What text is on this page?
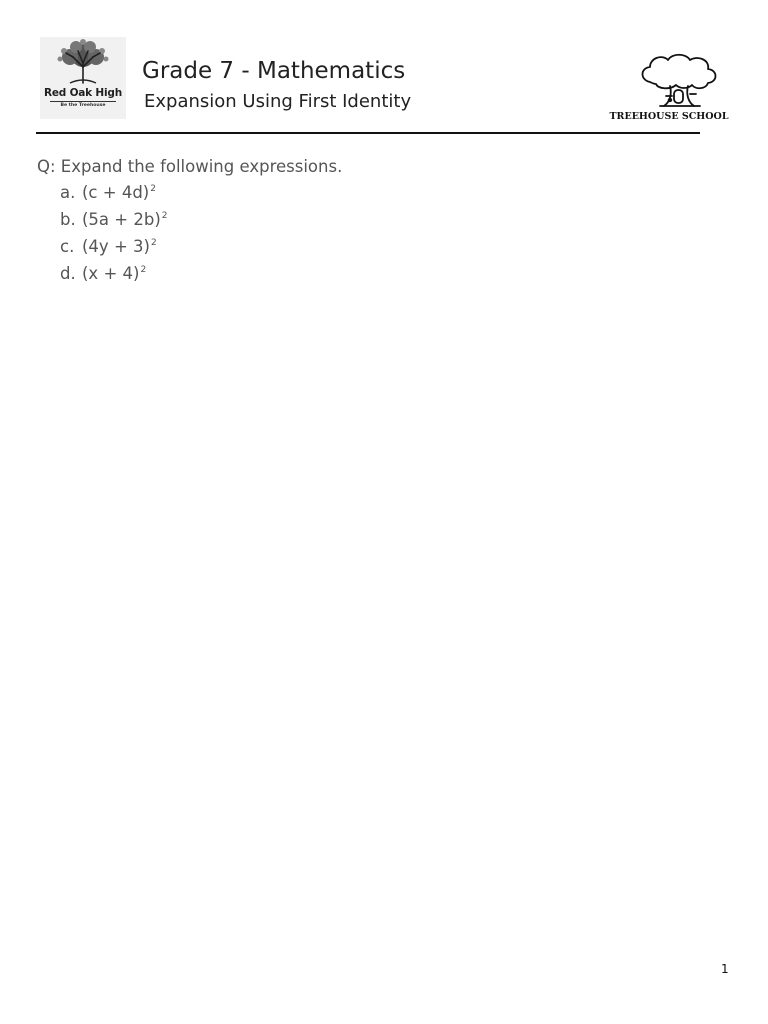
Red Oak High
Be the Treehouse
Grade 7 - Mathematics
Expansion Using First Identity
TREEHOUSE SCHOOL
Q: Expand the following expressions.
a. $(c + 4d)^2$
b. $(5a + 2b)^2$
c. $(4y + 3)^2$
d. $(x + 4)^2$
1
